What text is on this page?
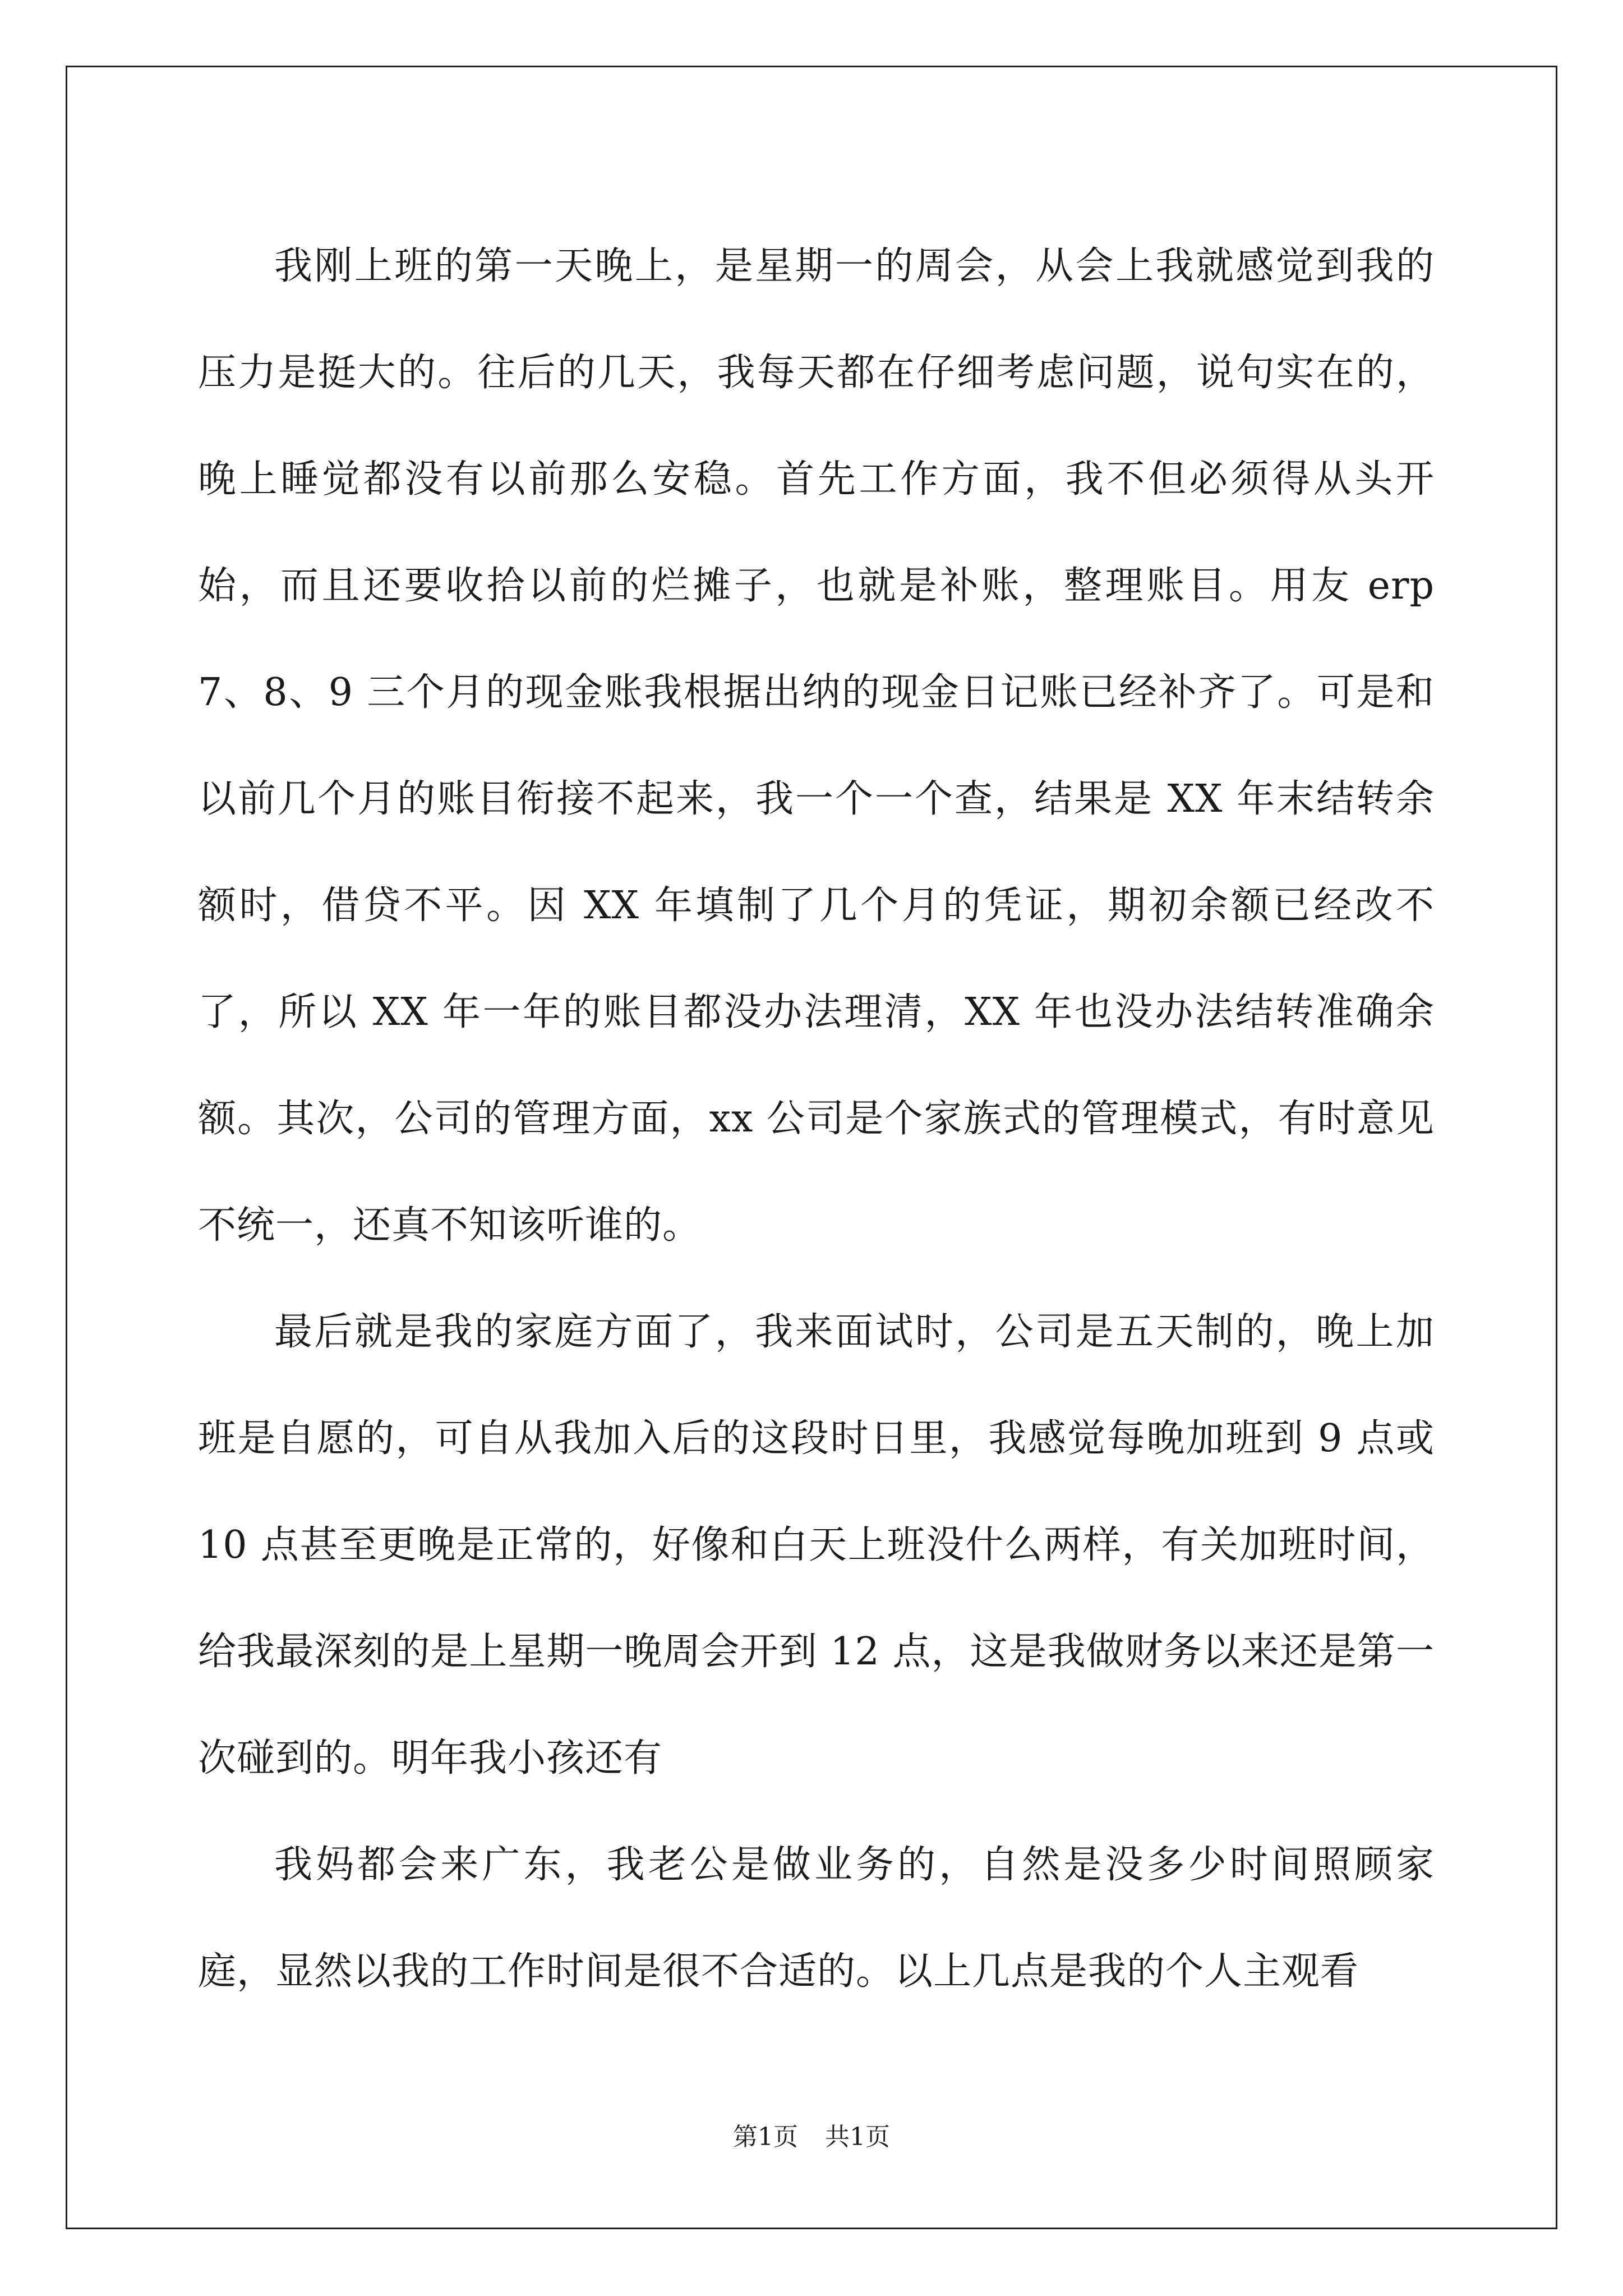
我刚上班的第一天晚上，是星期一的周会，从会上我就感觉到我的压力是挺大的。往后的几天，我每天都在仔细考虑问题，说句实在的，晚上睡觉都没有以前那么安稳。首先工作方面，我不但必须得从头开始，而且还要收拾以前的烂摊子，也就是补账，整理账目。用友 erp 7、8、9 三个月的现金账我根据出纳的现金日记账已经补齐了。可是和以前几个月的账目衔接不起来，我一个一个查，结果是 XX 年末结转余额时，借贷不平。因 XX 年填制了几个月的凭证，期初余额已经改不了，所以 XX 年一年的账目都没办法理清，XX 年也没办法结转准确余额。其次，公司的管理方面，xx 公司是个家族式的管理模式，有时意见不统一，还真不知该听谁的。

最后就是我的家庭方面了，我来面试时，公司是五天制的，晚上加班是自愿的，可自从我加入后的这段时日里，我感觉每晚加班到 9 点或 10 点甚至更晚是正常的，好像和白天上班没什么两样，有关加班时间，给我最深刻的是上星期一晚周会开到 12 点，这是我做财务以来还是第一次碰到的。明年我小孩还有

我妈都会来广东，我老公是做业务的，自然是没多少时间照顾家庭，显然以我的工作时间是很不合适的。以上几点是我的个人主观看

第1页 共1页
